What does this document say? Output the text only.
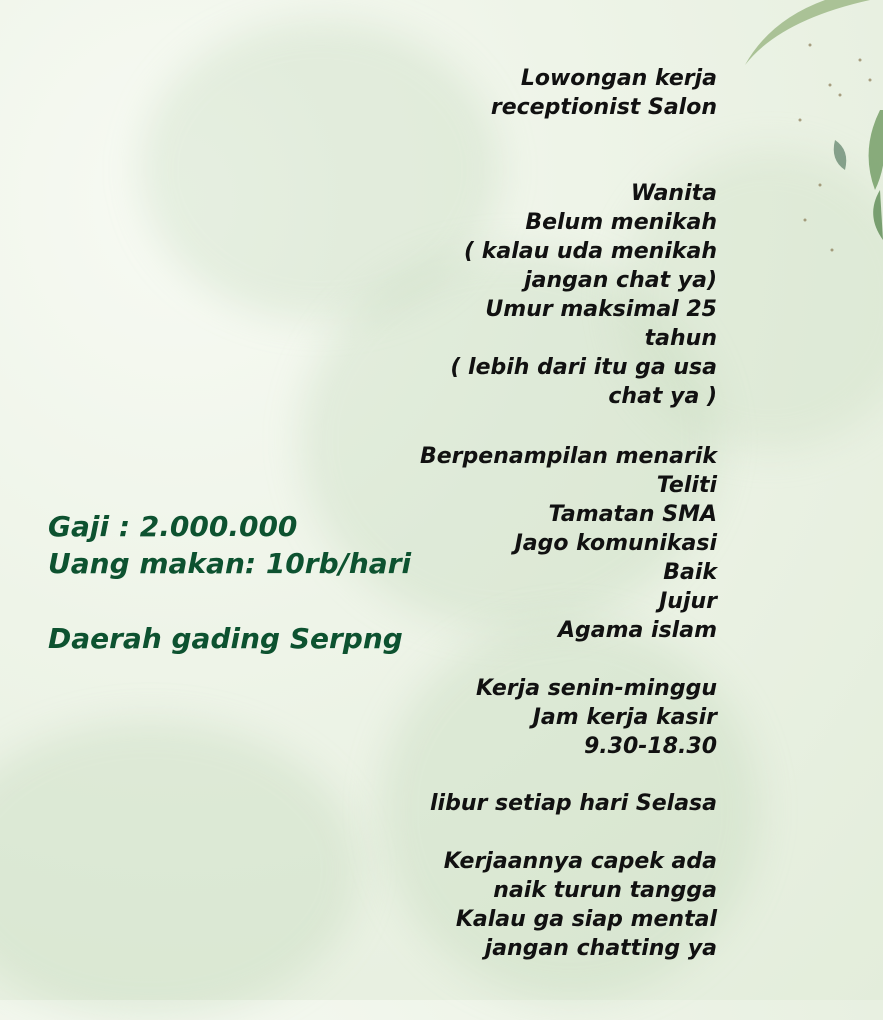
Lowongan kerja
receptionist Salon
Wanita
Belum menikah
( kalau uda menikah
jangan chat ya)
Umur maksimal 25
tahun
( lebih dari itu ga usa
chat ya )
Berpenampilan menarik
Teliti
Tamatan SMA
Jago komunikasi
Baik
Jujur
Agama islam
Kerja senin-minggu
Jam kerja kasir
9.30-18.30
libur setiap hari Selasa
Kerjaannya capek ada
naik turun tangga
Kalau ga siap mental
jangan chatting ya
Gaji : 2.000.000
Uang makan: 10rb/hari
Daerah gading Serpng
